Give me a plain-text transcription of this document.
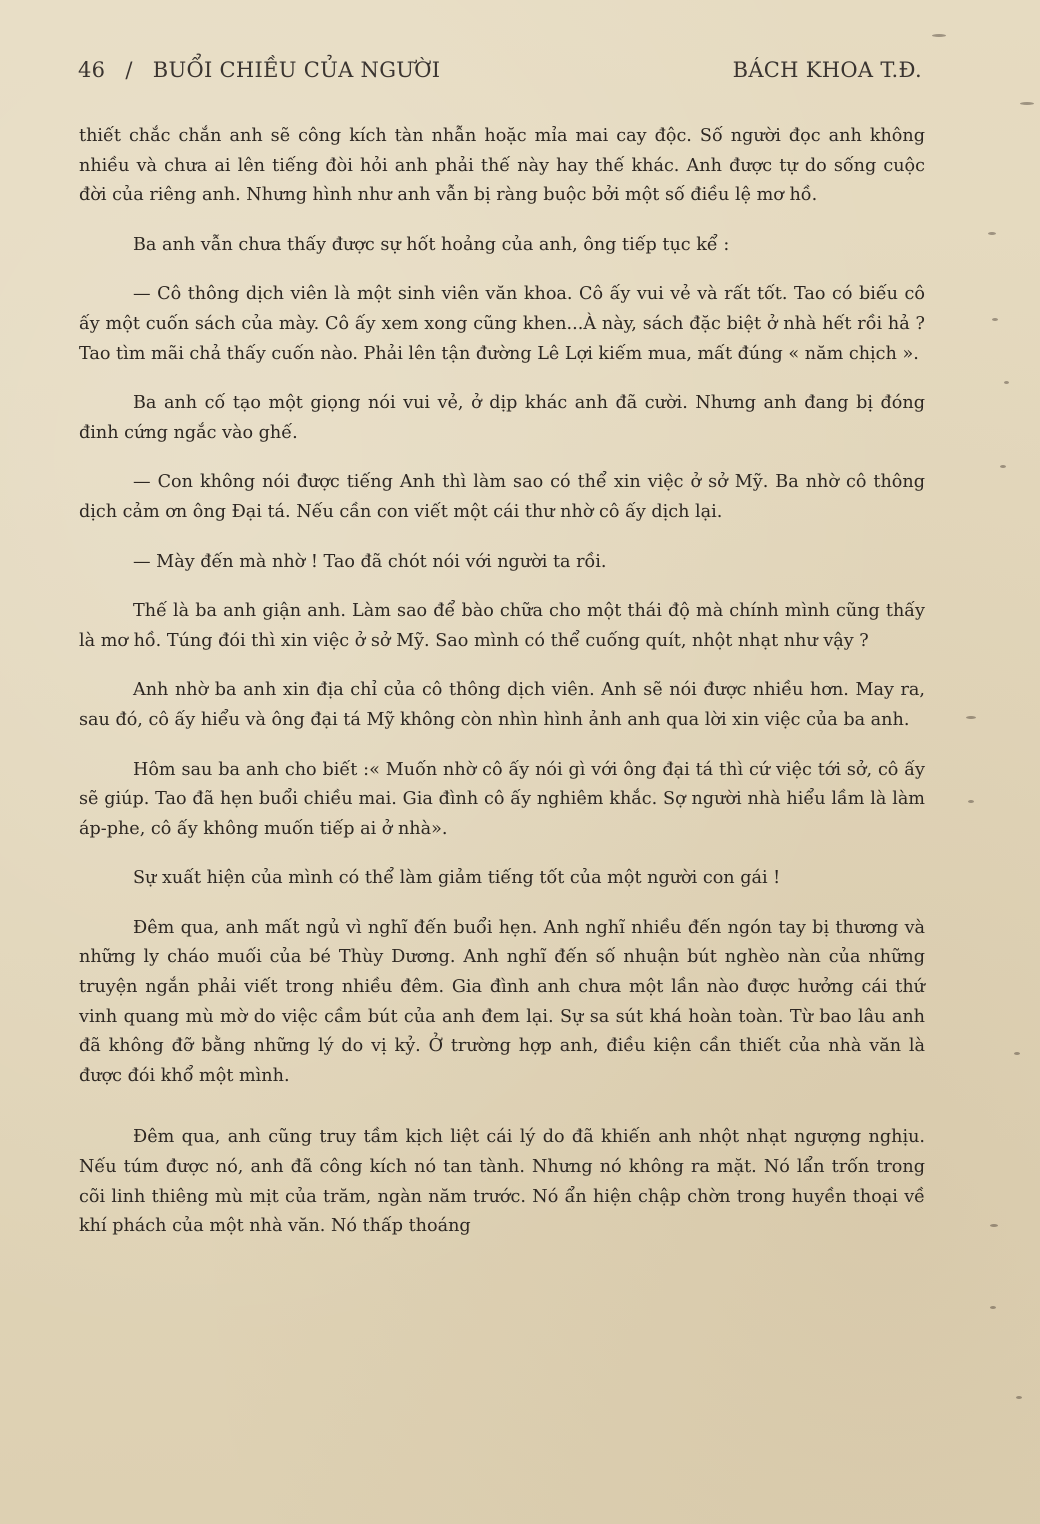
46 / BUỔI CHIỀU CỦA NGƯỜI	BÁCH KHOA T.Đ.

thiết chắc chắn anh sẽ công kích tàn nhẫn hoặc mỉa mai cay độc. Số người đọc anh không nhiều và chưa ai lên tiếng đòi hỏi anh phải thế này hay thế khác. Anh được tự do sống cuộc đời của riêng anh. Nhưng hình như anh vẫn bị ràng buộc bởi một số điều lệ mơ hồ.

Ba anh vẫn chưa thấy được sự hốt hoảng của anh, ông tiếp tục kể :

— Cô thông dịch viên là một sinh viên văn khoa. Cô ấy vui vẻ và rất tốt. Tao có biếu cô ấy một cuốn sách của mày. Cô ấy xem xong cũng khen...À này, sách đặc biệt ở nhà hết rồi hả ? Tao tìm mãi chả thấy cuốn nào. Phải lên tận đường Lê Lợi kiếm mua, mất đúng « năm chịch ».

Ba anh cố tạo một giọng nói vui vẻ, ở dịp khác anh đã cười. Nhưng anh đang bị đóng đinh cứng ngắc vào ghế.

— Con không nói được tiếng Anh thì làm sao có thể xin việc ở sở Mỹ. Ba nhờ cô thông dịch cảm ơn ông Đại tá. Nếu cần con viết một cái thư nhờ cô ấy dịch lại.

— Mày đến mà nhờ ! Tao đã chót nói với người ta rồi.

Thế là ba anh giận anh. Làm sao để bào chữa cho một thái độ mà chính mình cũng thấy là mơ hồ. Túng đói thì xin việc ở sở Mỹ. Sao mình có thể cuống quít, nhột nhạt như vậy ?

Anh nhờ ba anh xin địa chỉ của cô thông dịch viên. Anh sẽ nói được nhiều hơn. May ra, sau đó, cô ấy hiểu và ông đại tá Mỹ không còn nhìn hình ảnh anh qua lời xin việc của ba anh.

Hôm sau ba anh cho biết :« Muốn nhờ cô ấy nói gì với ông đại tá thì cứ việc tới sở, cô ấy sẽ giúp. Tao đã hẹn buổi chiều mai. Gia đình cô ấy nghiêm khắc. Sợ người nhà hiểu lầm là làm áp-phe, cô ấy không muốn tiếp ai ở nhà».

Sự xuất hiện của mình có thể làm giảm tiếng tốt của một người con gái !

Đêm qua, anh mất ngủ vì nghĩ đến buổi hẹn. Anh nghĩ nhiều đến ngón tay bị thương và những ly cháo muối của bé Thùy Dương. Anh nghĩ đến số nhuận bút nghèo nàn của những truyện ngắn phải viết trong nhiều đêm. Gia đình anh chưa một lần nào được hưởng cái thứ vinh quang mù mờ do việc cầm bút của anh đem lại. Sự sa sút khá hoàn toàn. Từ bao lâu anh đã không đỡ bằng những lý do vị kỷ. Ở trường hợp anh, điều kiện cần thiết của nhà văn là được đói khổ một mình.

Đêm qua, anh cũng truy tầm kịch liệt cái lý do đã khiến anh nhột nhạt ngượng nghịu. Nếu túm được nó, anh đã công kích nó tan tành. Nhưng nó không ra mặt. Nó lẩn trốn trong cõi linh thiêng mù mịt của trăm, ngàn năm trước. Nó ẩn hiện chập chờn trong huyền thoại về khí phách của một nhà văn. Nó thấp thoáng
